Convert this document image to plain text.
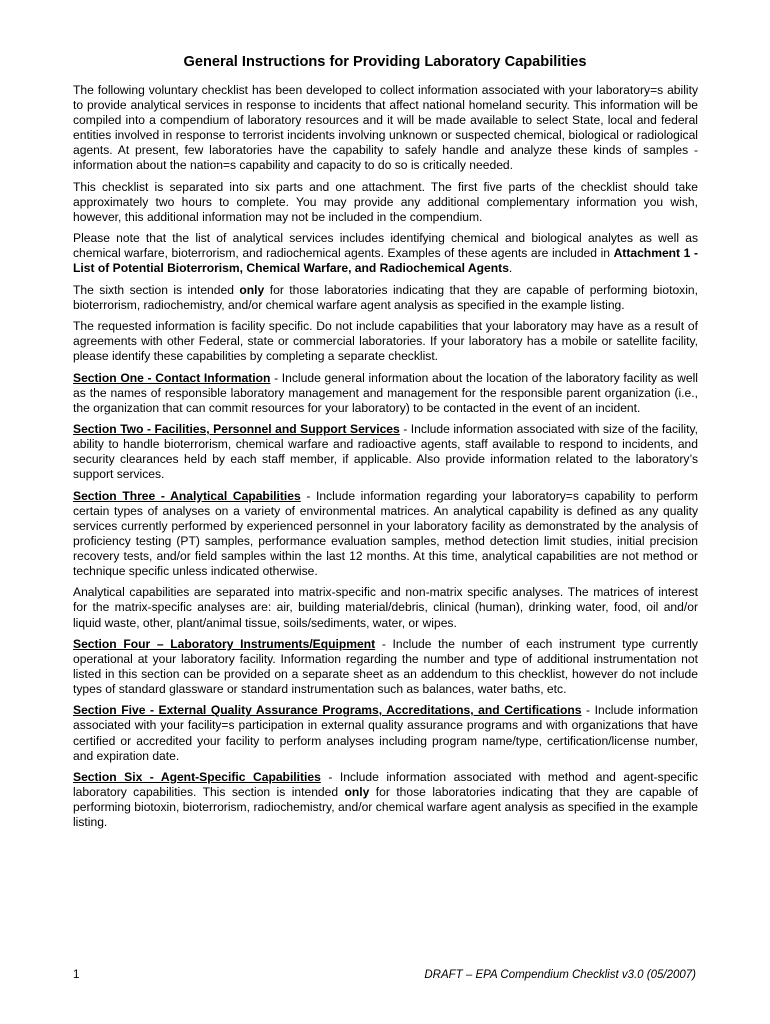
General Instructions for Providing Laboratory Capabilities

The following voluntary checklist has been developed to collect information associated with your laboratory=s ability to provide analytical services in response to incidents that affect national homeland security. This information will be compiled into a compendium of laboratory resources and it will be made available to select State, local and federal entities involved in response to terrorist incidents involving unknown or suspected chemical, biological or radiological agents. At present, few laboratories have the capability to safely handle and analyze these kinds of samples - information about the nation=s capability and capacity to do so is critically needed.

This checklist is separated into six parts and one attachment. The first five parts of the checklist should take approximately two hours to complete. You may provide any additional complementary information you wish, however, this additional information may not be included in the compendium.

Please note that the list of analytical services includes identifying chemical and biological analytes as well as chemical warfare, bioterrorism, and radiochemical agents. Examples of these agents are included in Attachment 1 - List of Potential Bioterrorism, Chemical Warfare, and Radiochemical Agents.

The sixth section is intended only for those laboratories indicating that they are capable of performing biotoxin, bioterrorism, radiochemistry, and/or chemical warfare agent analysis as specified in the example listing.

The requested information is facility specific. Do not include capabilities that your laboratory may have as a result of agreements with other Federal, state or commercial laboratories. If your laboratory has a mobile or satellite facility, please identify these capabilities by completing a separate checklist.

Section One - Contact Information - Include general information about the location of the laboratory facility as well as the names of responsible laboratory management and management for the responsible parent organization (i.e., the organization that can commit resources for your laboratory) to be contacted in the event of an incident.

Section Two - Facilities, Personnel and Support Services - Include information associated with size of the facility, ability to handle bioterrorism, chemical warfare and radioactive agents, staff available to respond to incidents, and security clearances held by each staff member, if applicable. Also provide information related to the laboratory’s support services.

Section Three - Analytical Capabilities - Include information regarding your laboratory=s capability to perform certain types of analyses on a variety of environmental matrices. An analytical capability is defined as any quality services currently performed by experienced personnel in your laboratory facility as demonstrated by the analysis of proficiency testing (PT) samples, performance evaluation samples, method detection limit studies, initial precision recovery tests, and/or field samples within the last 12 months. At this time, analytical capabilities are not method or technique specific unless indicated otherwise.

Analytical capabilities are separated into matrix-specific and non-matrix specific analyses. The matrices of interest for the matrix-specific analyses are: air, building material/debris, clinical (human), drinking water, food, oil and/or liquid waste, other, plant/animal tissue, soils/sediments, water, or wipes.

Section Four – Laboratory Instruments/Equipment - Include the number of each instrument type currently operational at your laboratory facility. Information regarding the number and type of additional instrumentation not listed in this section can be provided on a separate sheet as an addendum to this checklist, however do not include types of standard glassware or standard instrumentation such as balances, water baths, etc.

Section Five - External Quality Assurance Programs, Accreditations, and Certifications - Include information associated with your facility=s participation in external quality assurance programs and with organizations that have certified or accredited your facility to perform analyses including program name/type, certification/license number, and expiration date.

Section Six - Agent-Specific Capabilities - Include information associated with method and agent-specific laboratory capabilities. This section is intended only for those laboratories indicating that they are capable of performing biotoxin, bioterrorism, radiochemistry, and/or chemical warfare agent analysis as specified in the example listing.

1	DRAFT – EPA Compendium Checklist v3.0 (05/2007)
